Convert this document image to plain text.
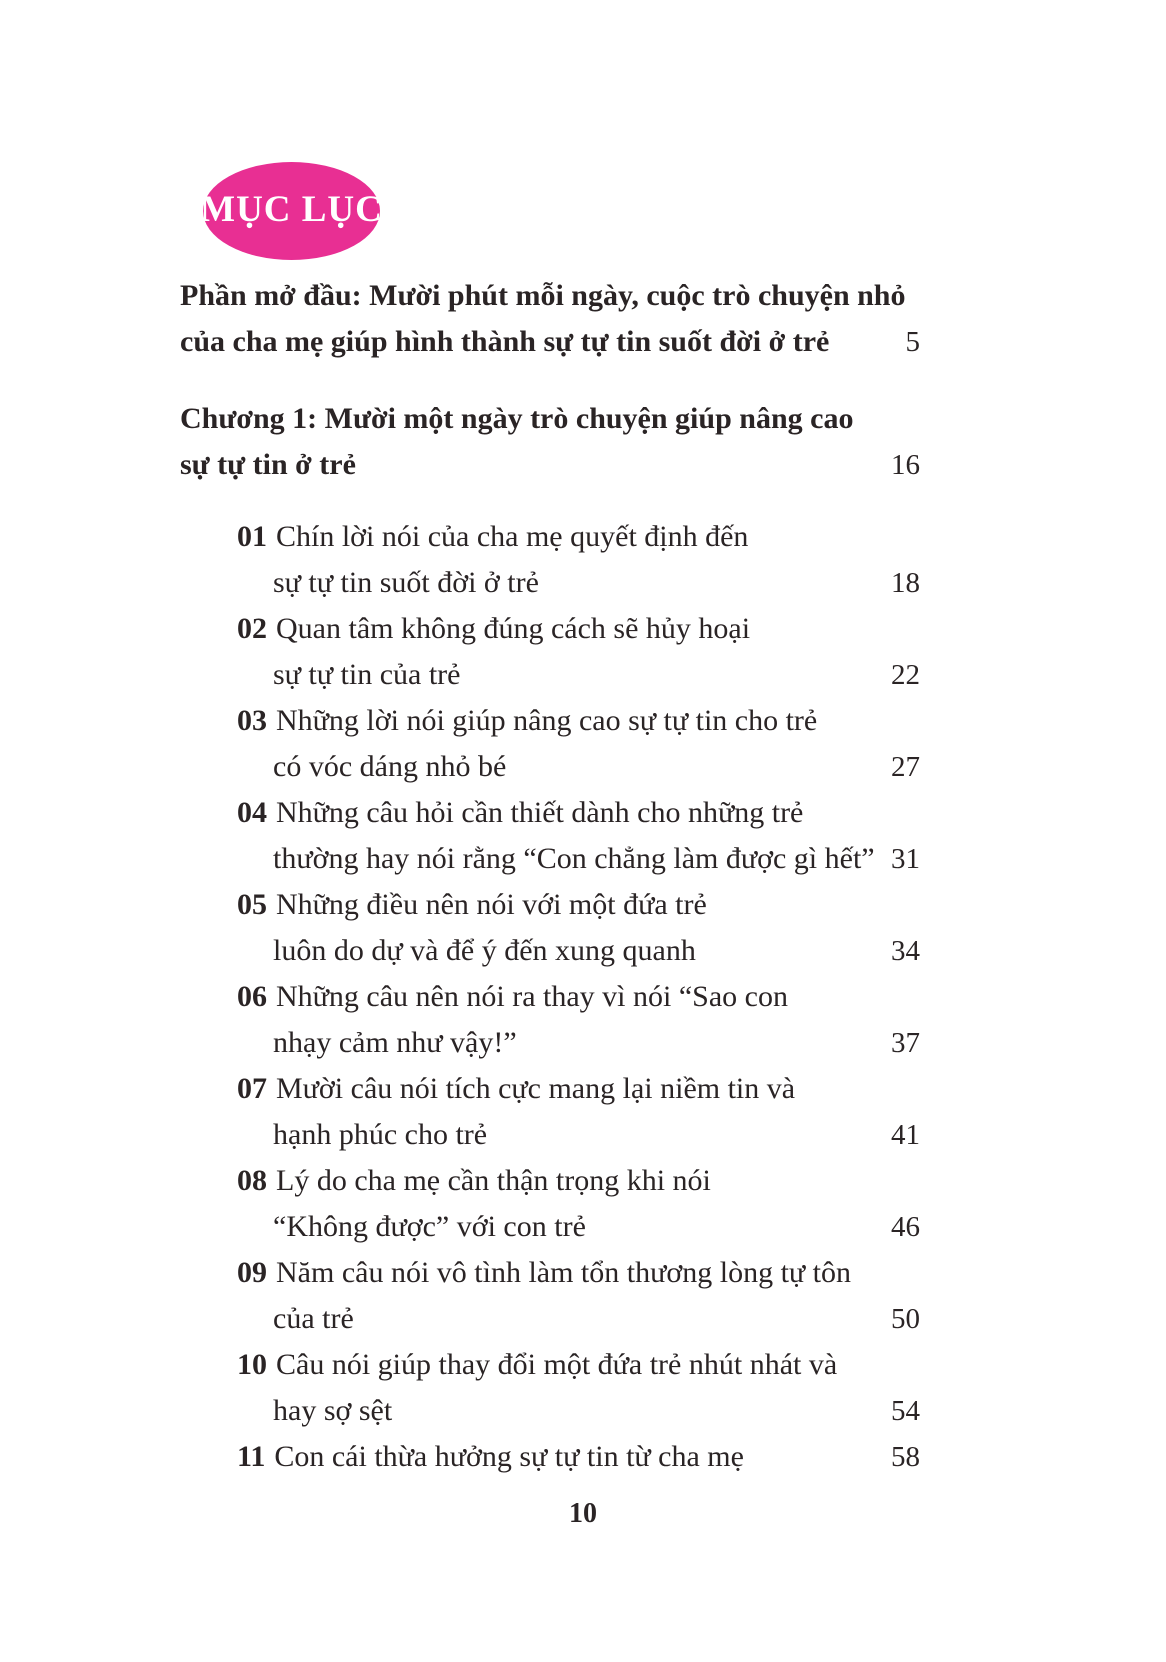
MỤC LỤC
Phần mở đầu: Mười phút mỗi ngày, cuộc trò chuyện nhỏ
của cha mẹ giúp hình thành sự tự tin suốt đời ở trẻ	5
Chương 1: Mười một ngày trò chuyện giúp nâng cao
sự tự tin ở trẻ	16
01 Chín lời nói của cha mẹ quyết định đến
sự tự tin suốt đời ở trẻ	18
02 Quan tâm không đúng cách sẽ hủy hoại
sự tự tin của trẻ	22
03 Những lời nói giúp nâng cao sự tự tin cho trẻ
có vóc dáng nhỏ bé	27
04 Những câu hỏi cần thiết dành cho những trẻ
thường hay nói rằng “Con chẳng làm được gì hết” 31
05 Những điều nên nói với một đứa trẻ
luôn do dự và để ý đến xung quanh	34
06 Những câu nên nói ra thay vì nói “Sao con
nhạy cảm như vậy!”	37
07 Mười câu nói tích cực mang lại niềm tin và
hạnh phúc cho trẻ	41
08 Lý do cha mẹ cần thận trọng khi nói
“Không được” với con trẻ	46
09 Năm câu nói vô tình làm tổn thương lòng tự tôn
của trẻ	50
10 Câu nói giúp thay đổi một đứa trẻ nhút nhát và
hay sợ sệt	54
11 Con cái thừa hưởng sự tự tin từ cha mẹ	58
10
